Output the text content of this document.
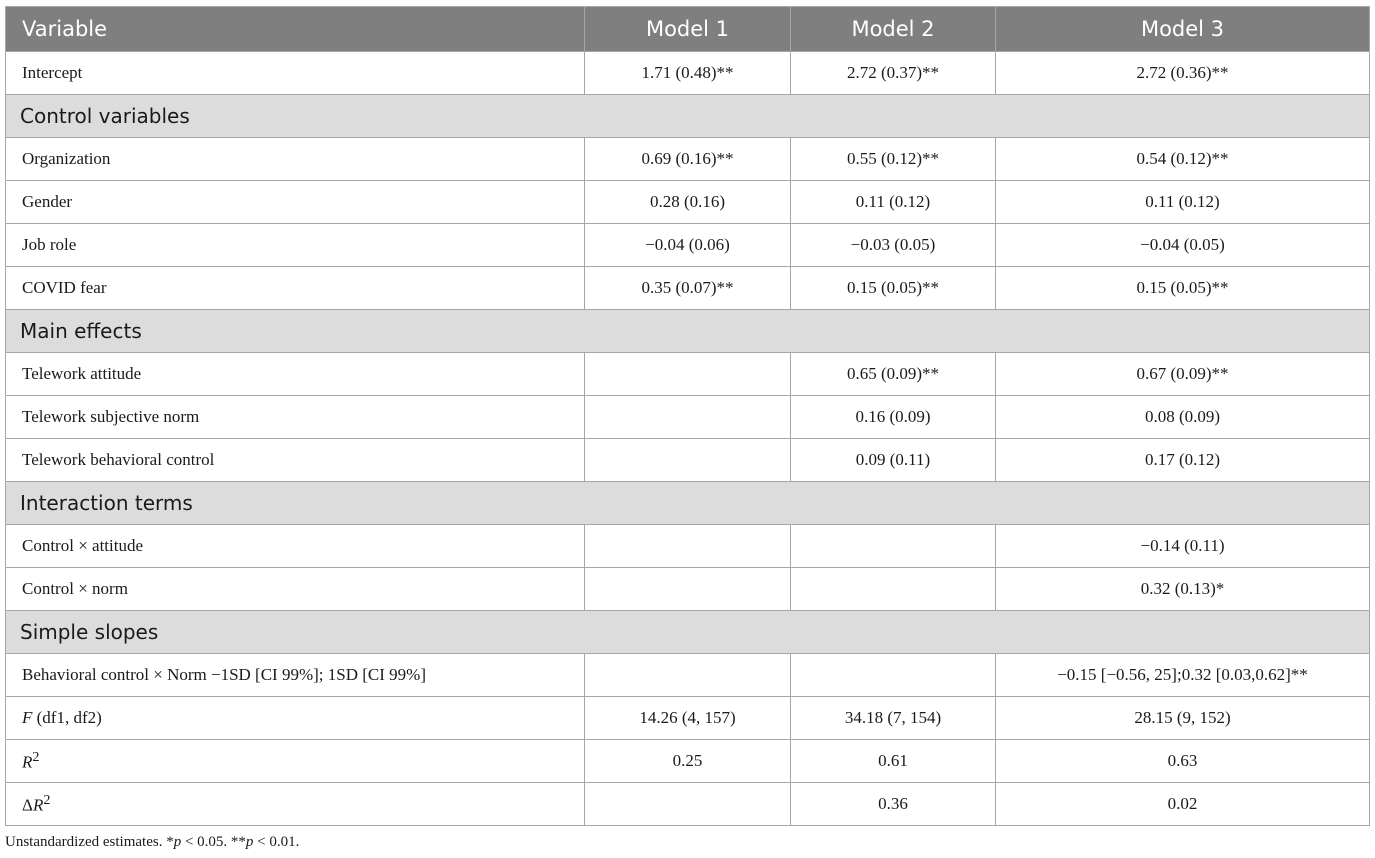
Variable	Model 1	Model 2	Model 3
Intercept	1.71 (0.48)**	2.72 (0.37)**	2.72 (0.36)**
Control variables			
Organization	0.69 (0.16)**	0.55 (0.12)**	0.54 (0.12)**
Gender	0.28 (0.16)	0.11 (0.12)	0.11 (0.12)
Job role	−0.04 (0.06)	−0.03 (0.05)	−0.04 (0.05)
COVID fear	0.35 (0.07)**	0.15 (0.05)**	0.15 (0.05)**
Main effects			
Telework attitude		0.65 (0.09)**	0.67 (0.09)**
Telework subjective norm		0.16 (0.09)	0.08 (0.09)
Telework behavioral control		0.09 (0.11)	0.17 (0.12)
Interaction terms			
Control × attitude			−0.14 (0.11)
Control × norm			0.32 (0.13)*
Simple slopes			
Behavioral control × Norm −1SD [CI 99%]; 1SD [CI 99%]			−0.15 [−0.56, 25];0.32 [0.03,0.62]**
F (df1, df2)	14.26 (4, 157)	34.18 (7, 154)	28.15 (9, 152)
$R^2$	0.25	0.61	0.63
$\Delta R^2$		0.36	0.02
Unstandardized estimates. *p < 0.05. **p < 0.01.
